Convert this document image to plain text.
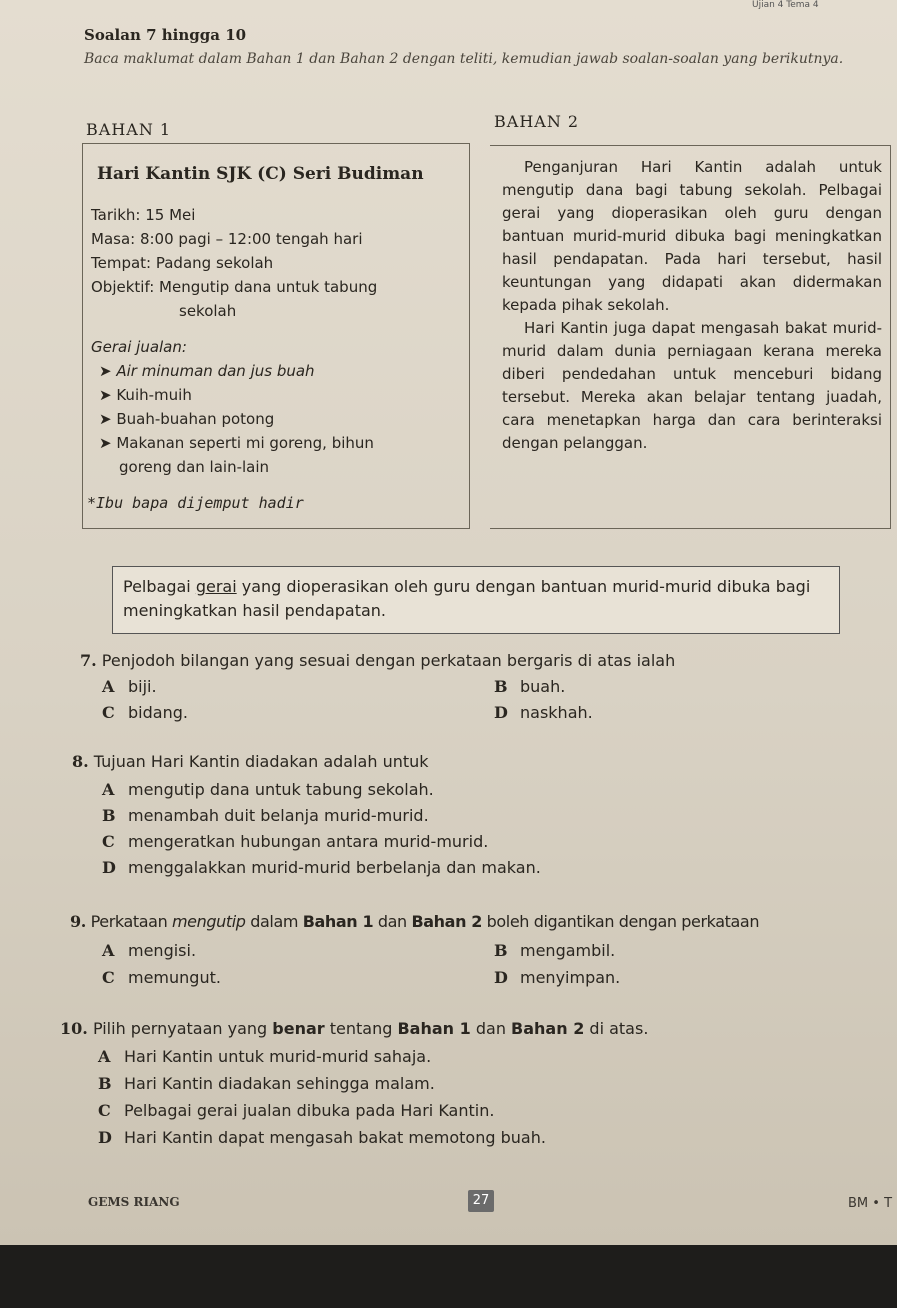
Ujian 4 Tema 4
Soalan 7 hingga 10
Baca maklumat dalam Bahan 1 dan Bahan 2 dengan teliti, kemudian jawab soalan-soalan yang berikutnya.
BAHAN 1	BAHAN 2
Hari Kantin SJK (C) Seri Budiman
Tarikh: 15 Mei
Masa: 8:00 pagi – 12:00 tengah hari
Tempat: Padang sekolah
Objektif: Mengutip dana untuk tabung
sekolah
Gerai jualan:
➤ Air minuman dan jus buah
➤ Kuih-muih
➤ Buah-buahan potong
➤ Makanan seperti mi goreng, bihun
goreng dan lain-lain
*Ibu bapa dijemput hadir

Penganjuran Hari Kantin adalah untuk mengutip dana bagi tabung sekolah. Pelbagai gerai yang dioperasikan oleh guru dengan bantuan murid-murid dibuka bagi meningkatkan hasil pendapatan. Pada hari tersebut, hasil keuntungan yang didapati akan didermakan kepada pihak sekolah.

Hari Kantin juga dapat mengasah bakat murid-murid dalam dunia perniagaan kerana mereka diberi pendedahan untuk menceburi bidang tersebut. Mereka akan belajar tentang juadah, cara menetapkan harga dan cara berinteraksi dengan pelanggan.

Pelbagai gerai yang dioperasikan oleh guru dengan bantuan murid-murid dibuka bagi meningkatkan hasil pendapatan.
7. Penjodoh bilangan yang sesuai dengan perkataan bergaris di atas ialah
A biji.	B buah.
C bidang.	D naskhah.
8. Tujuan Hari Kantin diadakan adalah untuk
A mengutip dana untuk tabung sekolah.
B menambah duit belanja murid-murid.
C mengeratkan hubungan antara murid-murid.
D menggalakkan murid-murid berbelanja dan makan.
9. Perkataan mengutip dalam Bahan 1 dan Bahan 2 boleh digantikan dengan perkataan
A mengisi.	B mengambil.
C memungut.	D menyimpan.
10. Pilih pernyataan yang benar tentang Bahan 1 dan Bahan 2 di atas.
A Hari Kantin untuk murid-murid sahaja.
B Hari Kantin diadakan sehingga malam.
C Pelbagai gerai jualan dibuka pada Hari Kantin.
D Hari Kantin dapat mengasah bakat memotong buah.
GEMS RIANG	27	BM • T
